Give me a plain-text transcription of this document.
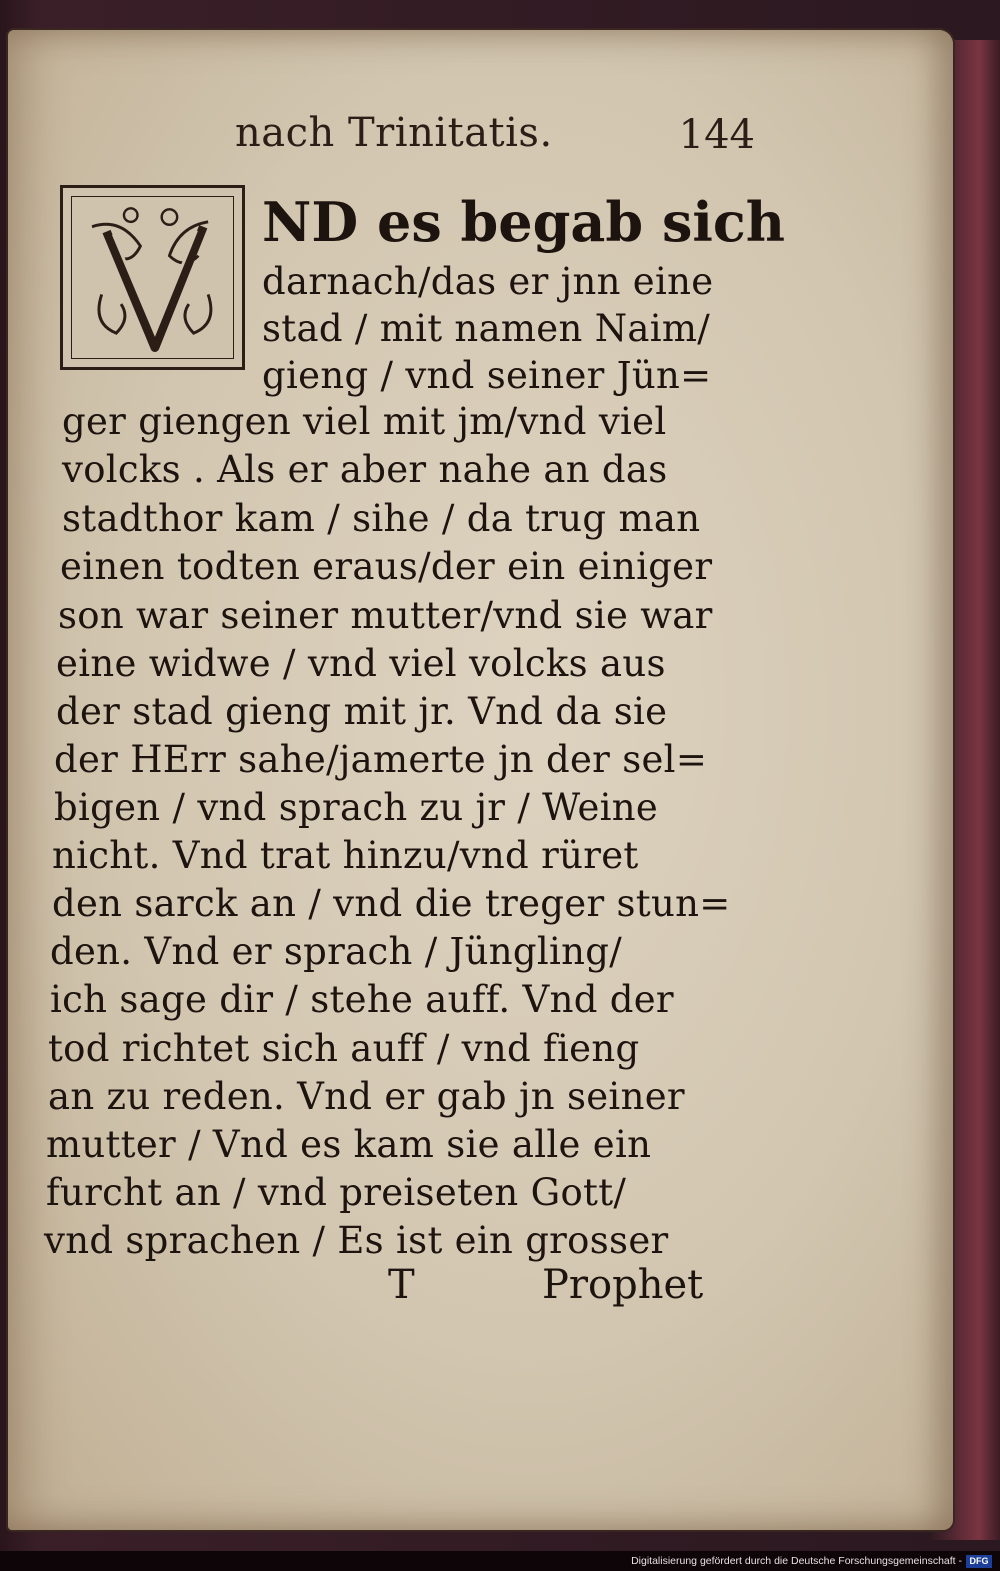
nach Trinitatis.	144
ND es begab sich
darnach/das er jnn eine
stad / mit namen Naim/
gieng / vnd seiner Jün=
ger giengen viel mit jm/vnd viel
volcks . Als er aber nahe an das
stadthor kam / sihe / da trug man
einen todten eraus/der ein einiger
son war seiner mutter/vnd sie war
eine widwe / vnd viel volcks aus
der stad gieng mit jr. Vnd da sie
der HErr sahe/jamerte jn der sel=
bigen / vnd sprach zu jr / Weine
nicht. Vnd trat hinzu/vnd rüret
den sarck an / vnd die treger stun=
den. Vnd er sprach / Jüngling/
ich sage dir / stehe auff. Vnd der
tod richtet sich auff / vnd fieng
an zu reden. Vnd er gab jn seiner
mutter / Vnd es kam sie alle ein
furcht an / vnd preiseten Gott/
vnd sprachen / Es ist ein grosser
T	Prophet
Digitalisierung gefördert durch die Deutsche Forschungsgemeinschaft - DFG
